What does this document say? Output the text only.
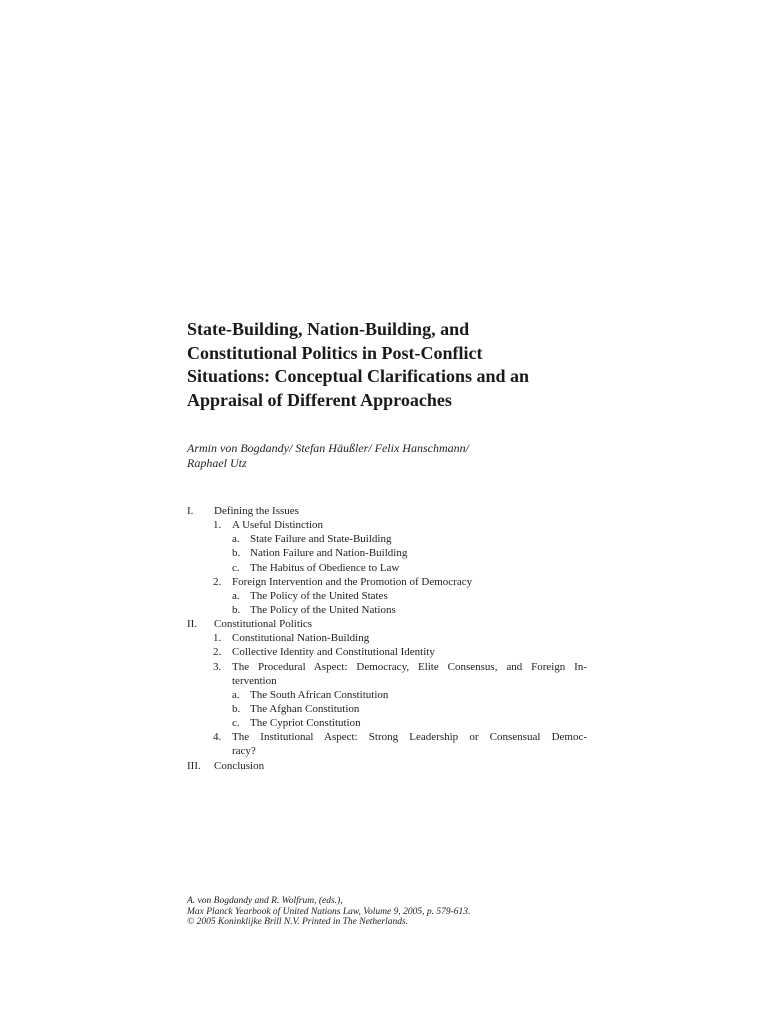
State-Building, Nation-Building, and
Constitutional Politics in Post-Conflict
Situations: Conceptual Clarifications and an
Appraisal of Different Approaches
Armin von Bogdandy/ Stefan Häußler/ Felix Hanschmann/
Raphael Utz
I. Defining the Issues
1. A Useful Distinction
a. State Failure and State-Building
b. Nation Failure and Nation-Building
c. The Habitus of Obedience to Law
2. Foreign Intervention and the Promotion of Democracy
a. The Policy of the United States
b. The Policy of the United Nations
II. Constitutional Politics
1. Constitutional Nation-Building
2. Collective Identity and Constitutional Identity
3. The Procedural Aspect: Democracy, Elite Consensus, and Foreign In-
tervention
a. The South African Constitution
b. The Afghan Constitution
c. The Cypriot Constitution
4. The Institutional Aspect: Strong Leadership or Consensual Democ-
racy?
III. Conclusion
A. von Bogdandy and R. Wolfrum, (eds.),
Max Planck Yearbook of United Nations Law, Volume 9, 2005, p. 579-613.
© 2005 Koninklijke Brill N.V. Printed in The Netherlands.
